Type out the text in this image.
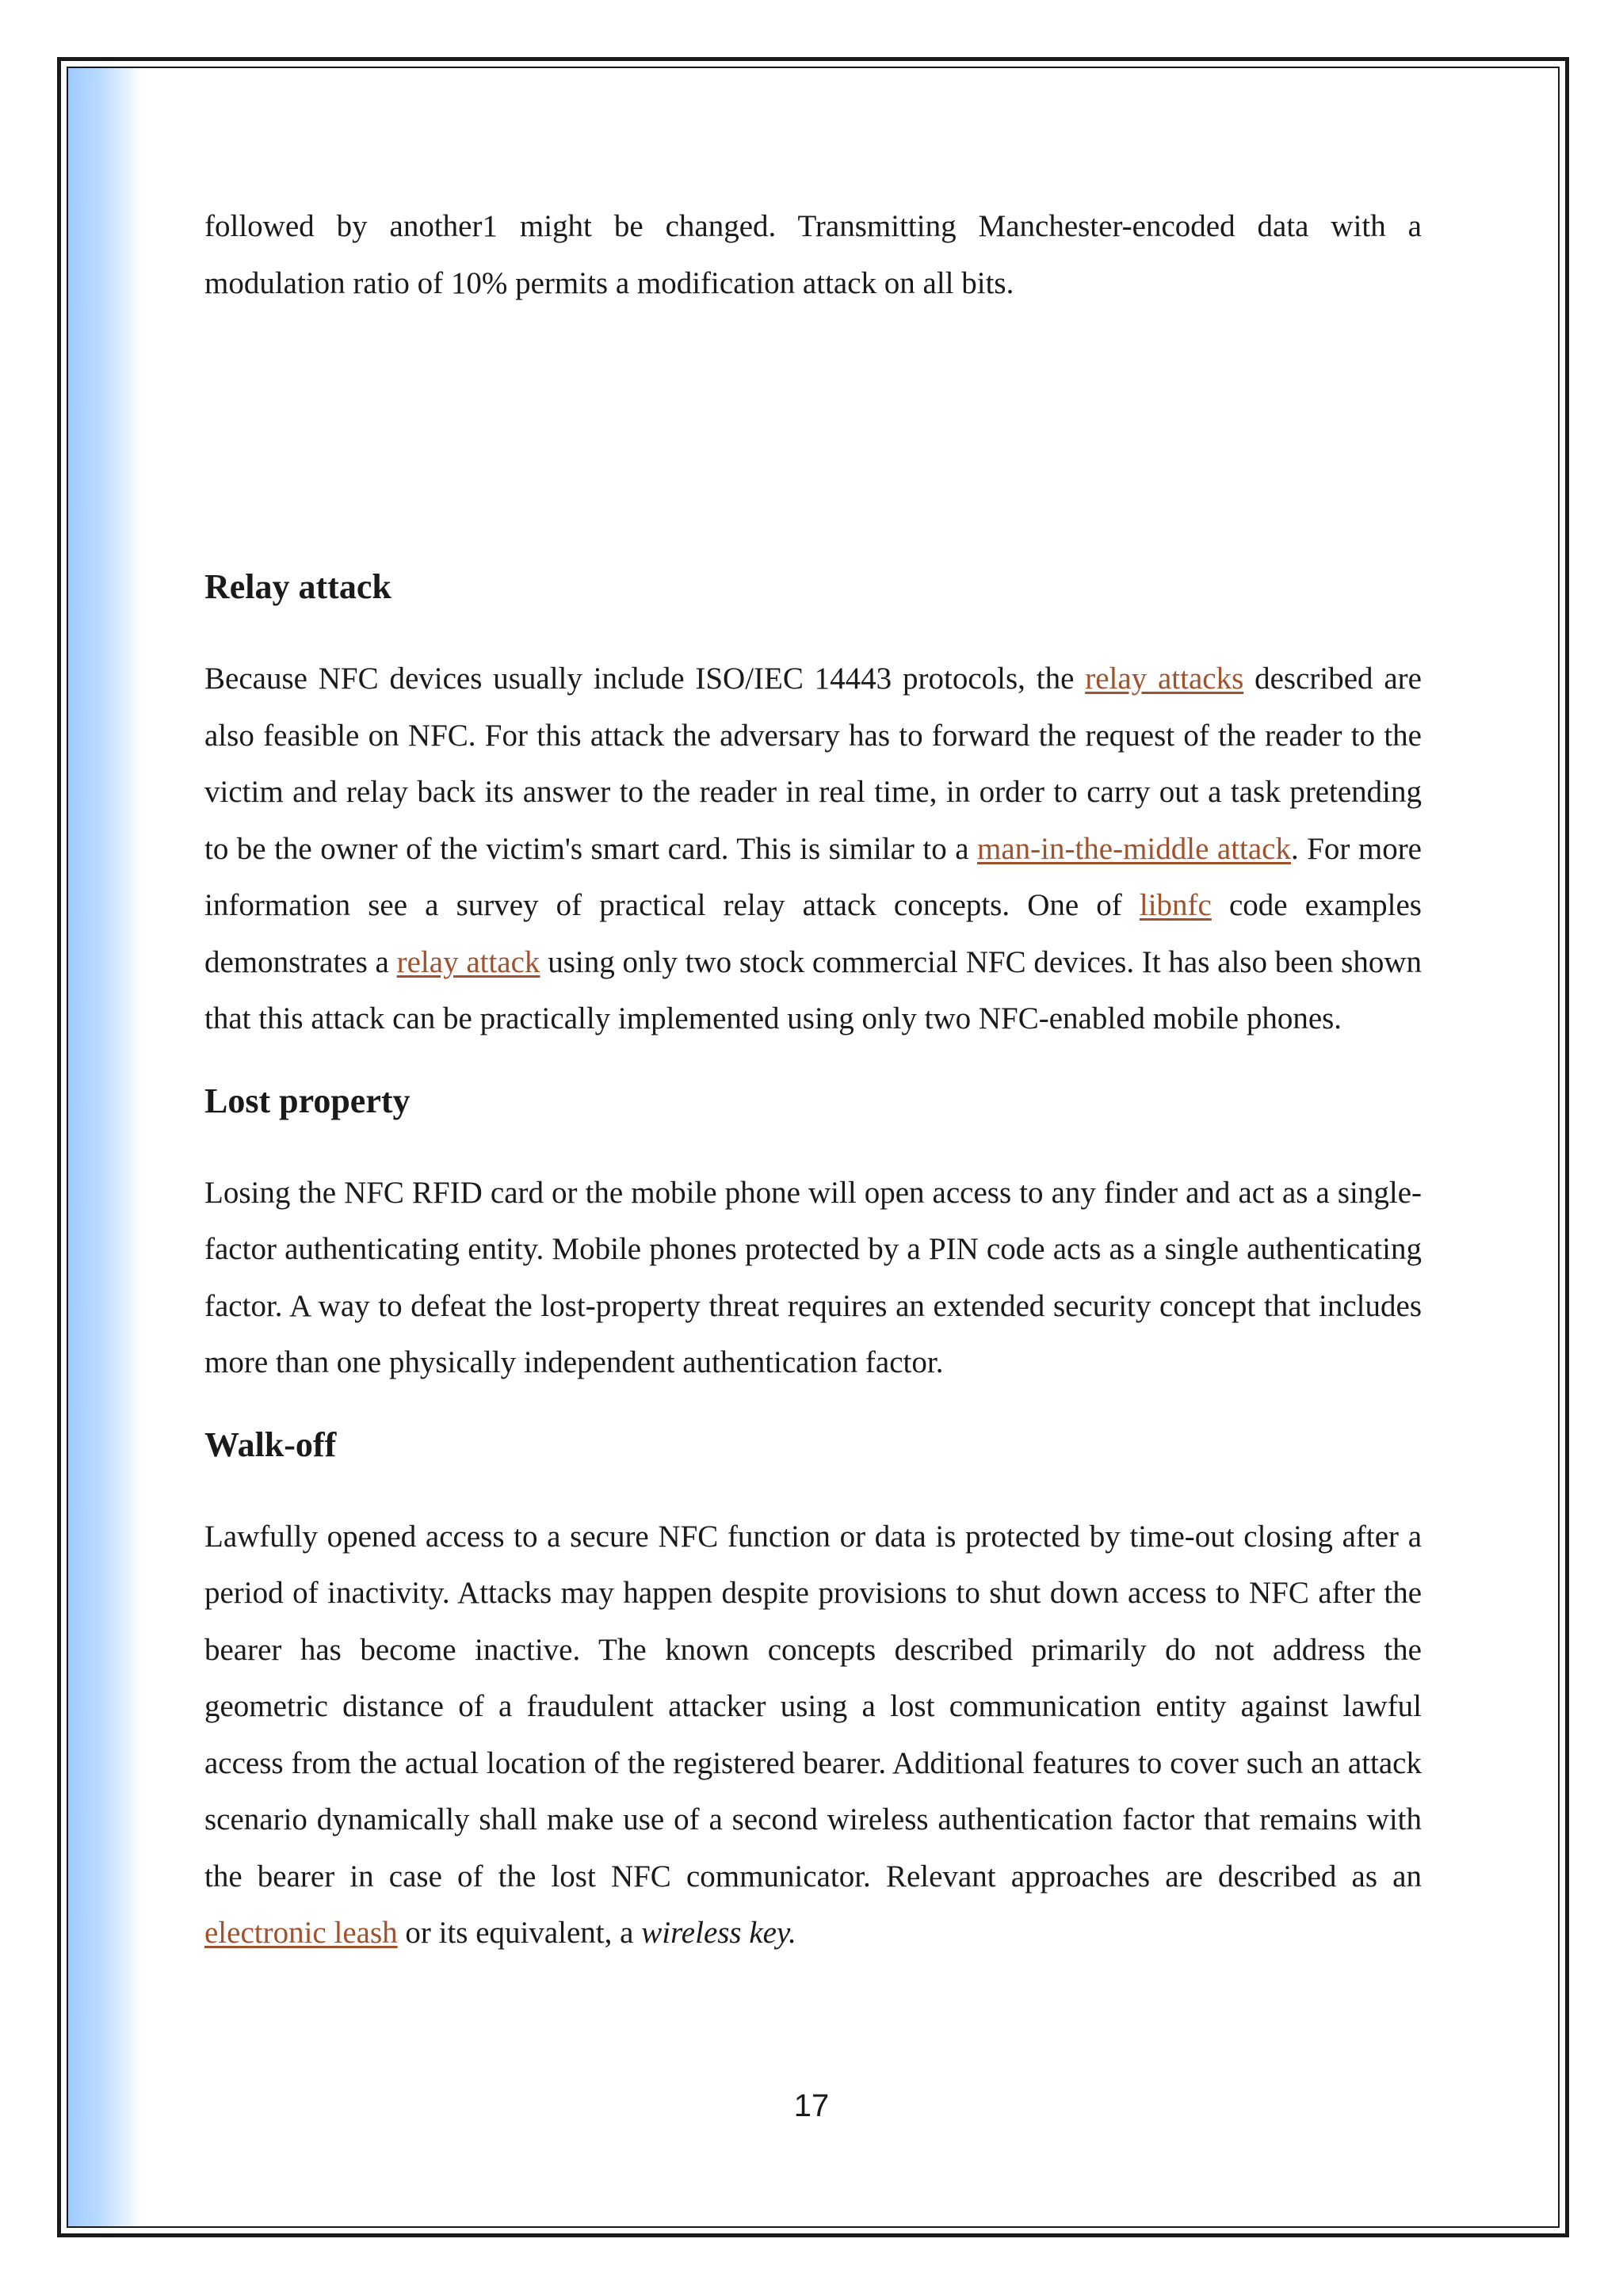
followed by another1 might be changed. Transmitting Manchester-encoded data with a modulation ratio of 10% permits a modification attack on all bits.

Relay attack

Because NFC devices usually include ISO/IEC 14443 protocols, the relay attacks described are also feasible on NFC. For this attack the adversary has to forward the request of the reader to the victim and relay back its answer to the reader in real time, in order to carry out a task pretending to be the owner of the victim's smart card. This is similar to a man-in-the-middle attack. For more information see a survey of practical relay attack concepts. One of libnfc code examples demonstrates a relay attack using only two stock commercial NFC devices. It has also been shown that this attack can be practically implemented using only two NFC-enabled mobile phones.

Lost property

Losing the NFC RFID card or the mobile phone will open access to any finder and act as a single-factor authenticating entity. Mobile phones protected by a PIN code acts as a single authenticating factor. A way to defeat the lost-property threat requires an extended security concept that includes more than one physically independent authentication factor.

Walk-off

Lawfully opened access to a secure NFC function or data is protected by time-out closing after a period of inactivity. Attacks may happen despite provisions to shut down access to NFC after the bearer has become inactive. The known concepts described primarily do not address the geometric distance of a fraudulent attacker using a lost communication entity against lawful access from the actual location of the registered bearer. Additional features to cover such an attack scenario dynamically shall make use of a second wireless authentication factor that remains with the bearer in case of the lost NFC communicator. Relevant approaches are described as an electronic leash or its equivalent, a wireless key.

17
